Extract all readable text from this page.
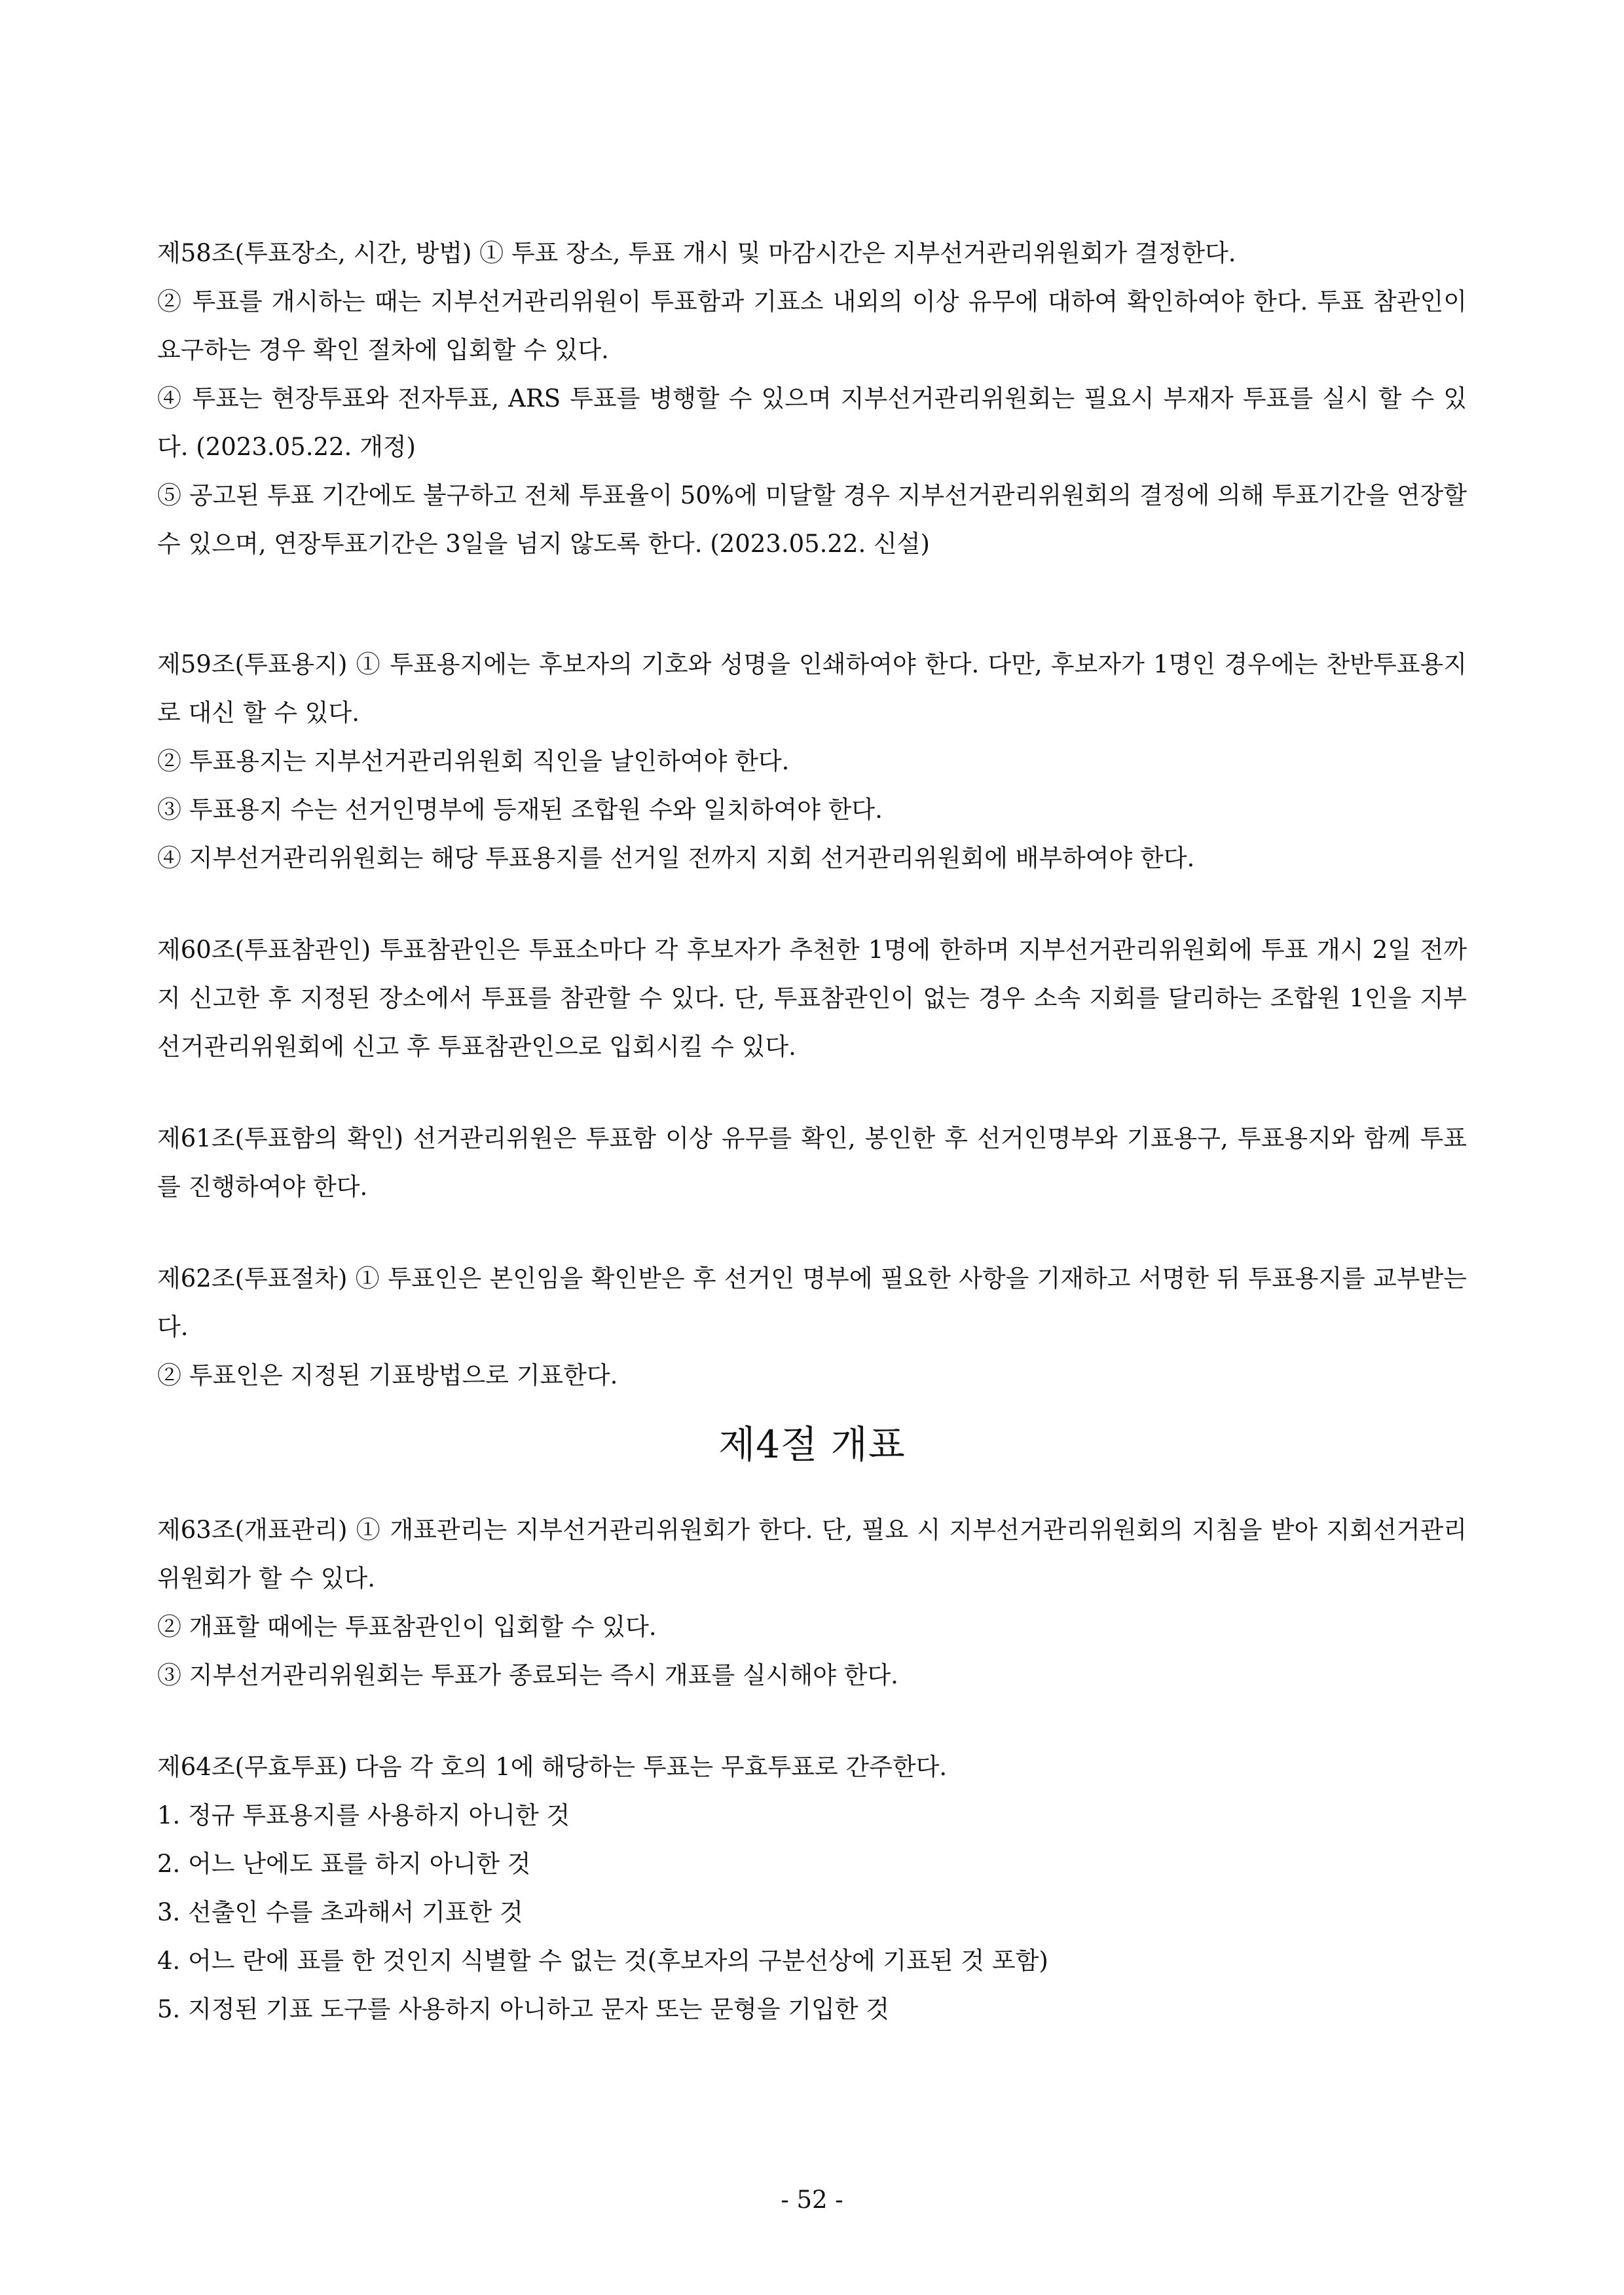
제58조(투표장소, 시간, 방법) ① 투표 장소, 투표 개시 및 마감시간은 지부선거관리위원회가 결정한다.

② 투표를 개시하는 때는 지부선거관리위원이 투표함과 기표소 내외의 이상 유무에 대하여 확인하여야 한다. 투표 참관인이 요구하는 경우 확인 절차에 입회할 수 있다.

④ 투표는 현장투표와 전자투표, ARS 투표를 병행할 수 있으며 지부선거관리위원회는 필요시 부재자 투표를 실시 할 수 있다. (2023.05.22. 개정)

⑤ 공고된 투표 기간에도 불구하고 전체 투표율이 50%에 미달할 경우 지부선거관리위원회의 결정에 의해 투표기간을 연장할 수 있으며, 연장투표기간은 3일을 넘지 않도록 한다. (2023.05.22. 신설)

제59조(투표용지) ① 투표용지에는 후보자의 기호와 성명을 인쇄하여야 한다. 다만, 후보자가 1명인 경우에는 찬반투표용지로 대신 할 수 있다.

② 투표용지는 지부선거관리위원회 직인을 날인하여야 한다.

③ 투표용지 수는 선거인명부에 등재된 조합원 수와 일치하여야 한다.

④ 지부선거관리위원회는 해당 투표용지를 선거일 전까지 지회 선거관리위원회에 배부하여야 한다.

제60조(투표참관인) 투표참관인은 투표소마다 각 후보자가 추천한 1명에 한하며 지부선거관리위원회에 투표 개시 2일 전까지 신고한 후 지정된 장소에서 투표를 참관할 수 있다. 단, 투표참관인이 없는 경우 소속 지회를 달리하는 조합원 1인을 지부선거관리위원회에 신고 후 투표참관인으로 입회시킬 수 있다.

제61조(투표함의 확인) 선거관리위원은 투표함 이상 유무를 확인, 봉인한 후 선거인명부와 기표용구, 투표용지와 함께 투표를 진행하여야 한다.

제62조(투표절차) ① 투표인은 본인임을 확인받은 후 선거인 명부에 필요한 사항을 기재하고 서명한 뒤 투표용지를 교부받는다.

② 투표인은 지정된 기표방법으로 기표한다.

제4절 개표

제63조(개표관리) ① 개표관리는 지부선거관리위원회가 한다. 단, 필요 시 지부선거관리위원회의 지침을 받아 지회선거관리위원회가 할 수 있다.

② 개표할 때에는 투표참관인이 입회할 수 있다.

③ 지부선거관리위원회는 투표가 종료되는 즉시 개표를 실시해야 한다.

제64조(무효투표) 다음 각 호의 1에 해당하는 투표는 무효투표로 간주한다.

1. 정규 투표용지를 사용하지 아니한 것

2. 어느 난에도 표를 하지 아니한 것

3. 선출인 수를 초과해서 기표한 것

4. 어느 란에 표를 한 것인지 식별할 수 없는 것(후보자의 구분선상에 기표된 것 포함)

5. 지정된 기표 도구를 사용하지 아니하고 문자 또는 문형을 기입한 것

- 52 -
